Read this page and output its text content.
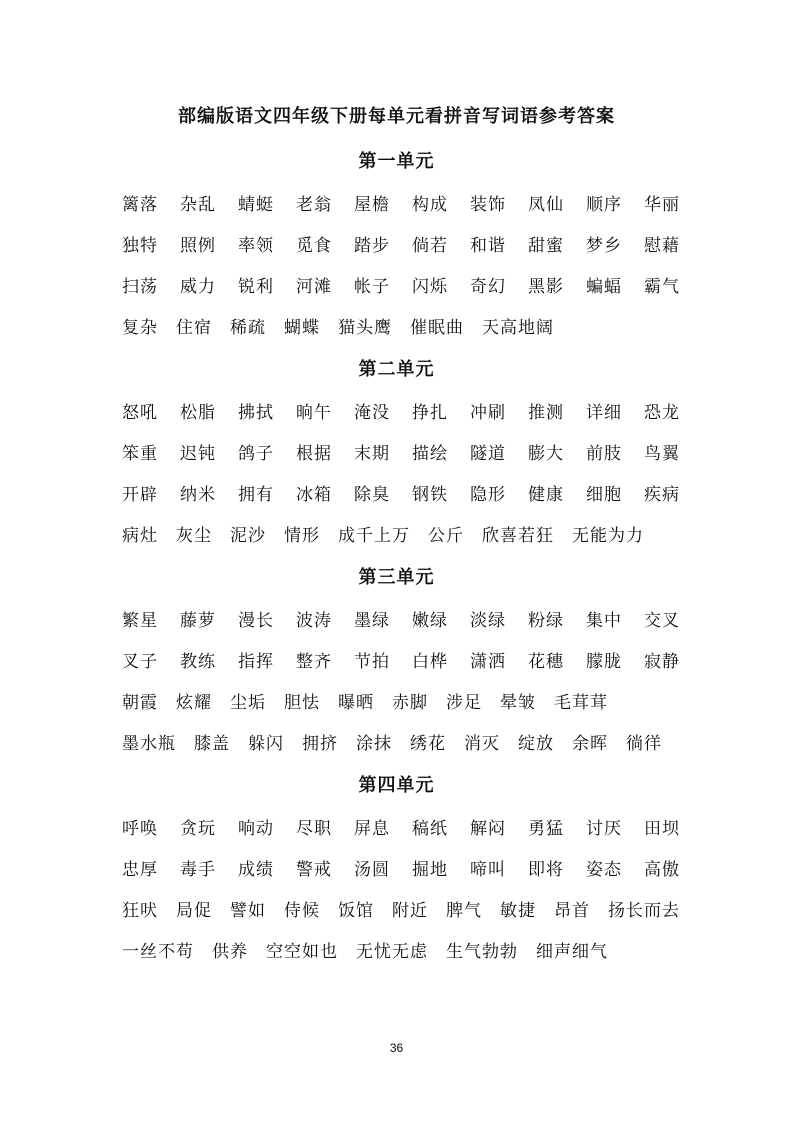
部编版语文四年级下册每单元看拼音写词语参考答案
第一单元
篱落 杂乱 蜻蜓 老翁 屋檐 构成 装饰 凤仙 顺序 华丽
独特 照例 率领 觅食 踏步 倘若 和谐 甜蜜 梦乡 慰藉
扫荡 威力 锐利 河滩 帐子 闪烁 奇幻 黑影 蝙蝠 霸气
复杂 住宿 稀疏 蝴蝶 猫头鹰 催眠曲 天高地阔
第二单元
怒吼 松脂 拂拭 晌午 淹没 挣扎 冲刷 推测 详细 恐龙
笨重 迟钝 鸽子 根据 末期 描绘 隧道 膨大 前肢 鸟翼
开辟 纳米 拥有 冰箱 除臭 钢铁 隐形 健康 细胞 疾病
病灶 灰尘 泥沙 情形 成千上万 公斤 欣喜若狂 无能为力
第三单元
繁星 藤萝 漫长 波涛 墨绿 嫩绿 淡绿 粉绿 集中 交叉
叉子 教练 指挥 整齐 节拍 白桦 潇洒 花穗 朦胧 寂静
朝霞 炫耀 尘垢 胆怯 曝晒 赤脚 涉足 晕皱 毛茸茸
墨水瓶 膝盖 躲闪 拥挤 涂抹 绣花 消灭 绽放 余晖 徜徉
第四单元
呼唤 贪玩 响动 尽职 屏息 稿纸 解闷 勇猛 讨厌 田坝
忠厚 毒手 成绩 警戒 汤圆 掘地 啼叫 即将 姿态 高傲
狂吠 局促 譬如 侍候 饭馆 附近 脾气 敏捷 昂首 扬长而去
一丝不苟 供养 空空如也 无忧无虑 生气勃勃 细声细气
36
